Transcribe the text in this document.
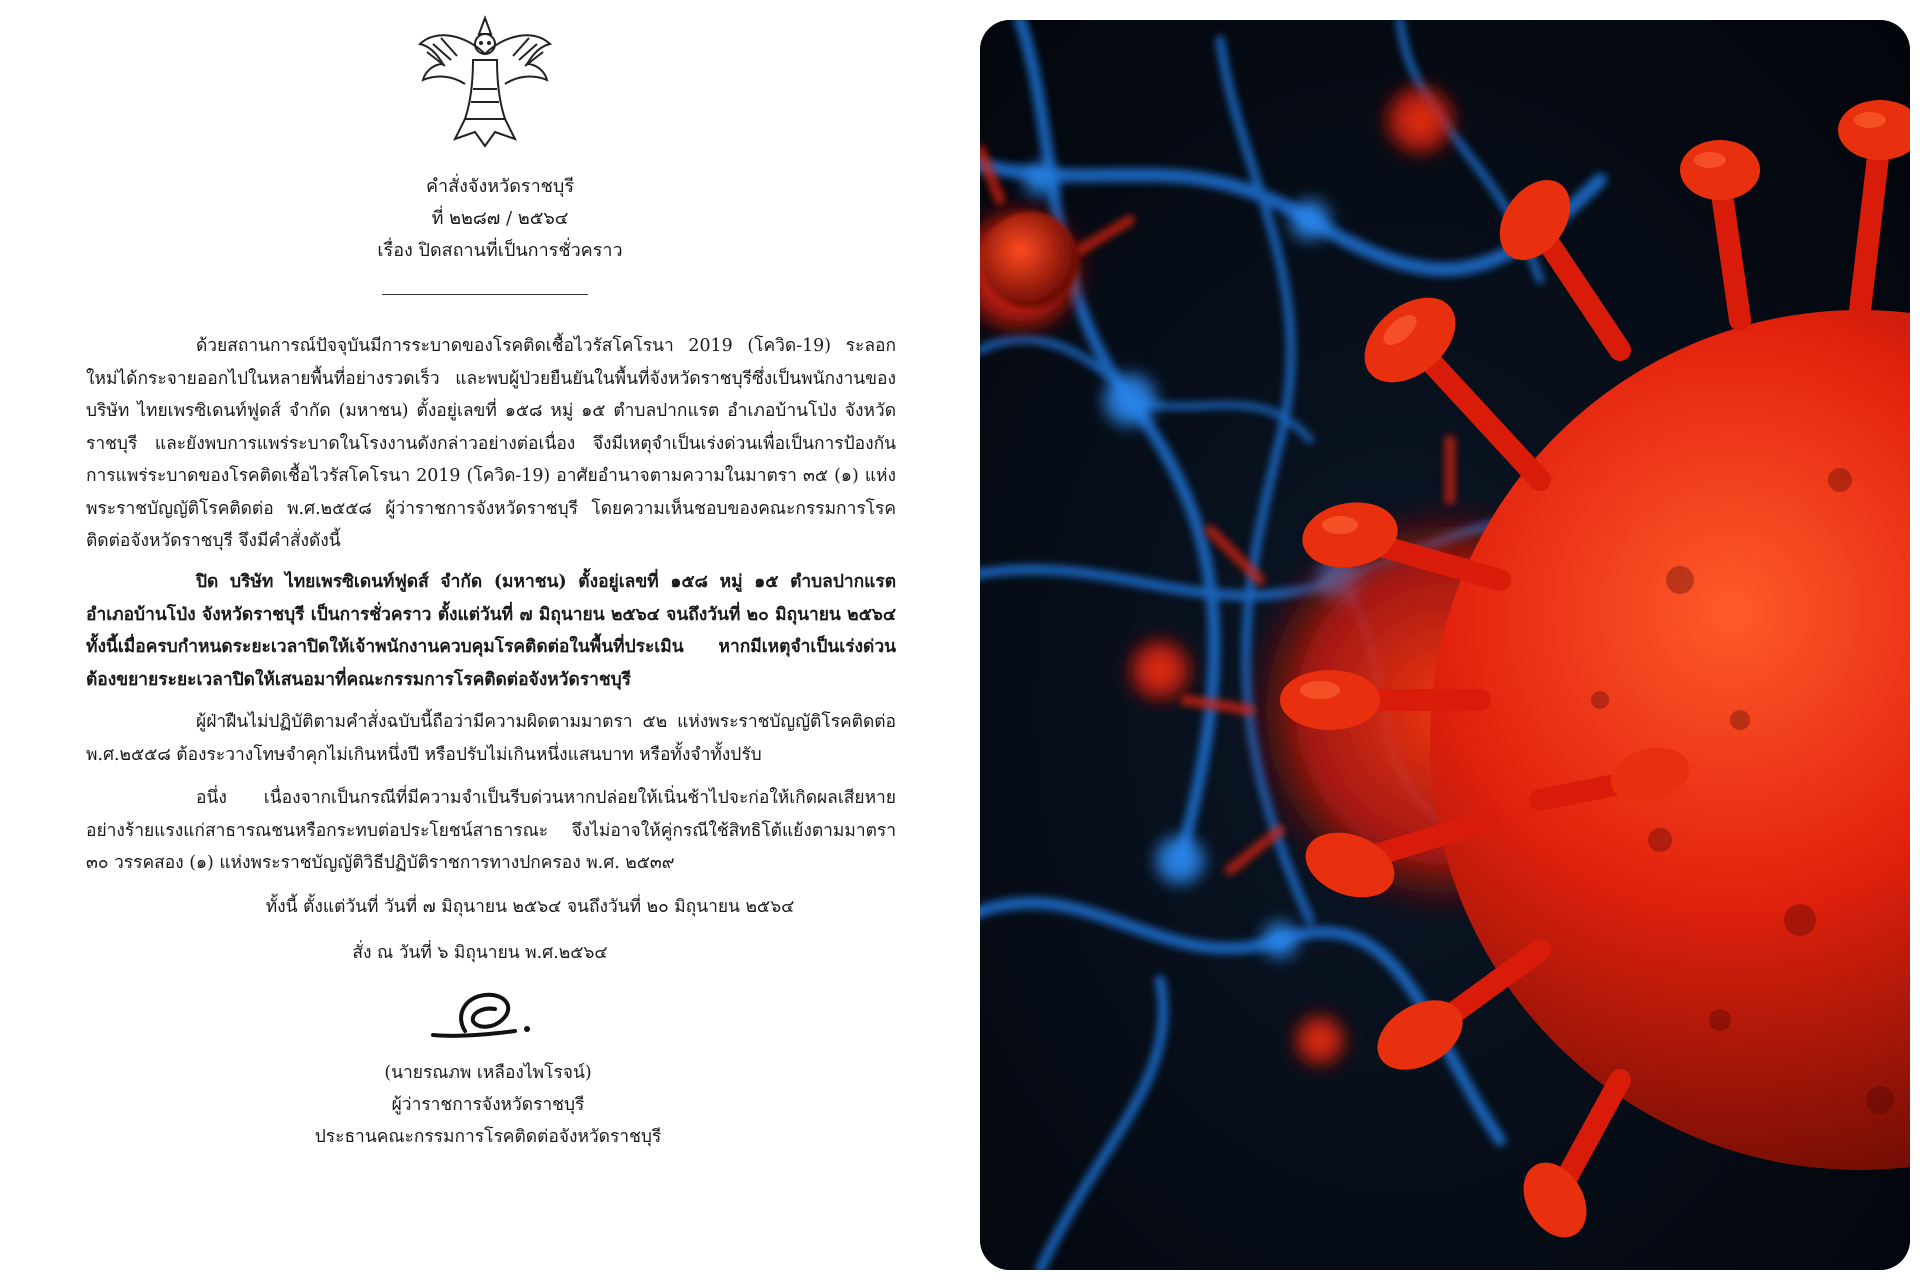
คำสั่งจังหวัดราชบุรี
ที่ ๒๒๘๗ / ๒๕๖๔
เรื่อง ปิดสถานที่เป็นการชั่วคราว

ด้วยสถานการณ์ปัจจุบันมีการระบาดของโรคติดเชื้อไวรัสโคโรนา 2019 (โควิด-19) ระลอกใหม่ได้กระจายออกไปในหลายพื้นที่อย่างรวดเร็ว และพบผู้ป่วยยืนยันในพื้นที่จังหวัดราชบุรีซึ่งเป็นพนักงานของบริษัท ไทยเพรซิเดนท์ฟูดส์ จำกัด (มหาชน) ตั้งอยู่เลขที่ ๑๕๘ หมู่ ๑๕ ตำบลปากแรต อำเภอบ้านโป่ง จังหวัดราชบุรี และยังพบการแพร่ระบาดในโรงงานดังกล่าวอย่างต่อเนื่อง จึงมีเหตุจำเป็นเร่งด่วนเพื่อเป็นการป้องกันการแพร่ระบาดของโรคติดเชื้อไวรัสโคโรนา 2019 (โควิด-19) อาศัยอำนาจตามความในมาตรา ๓๕ (๑) แห่งพระราชบัญญัติโรคติดต่อ พ.ศ.๒๕๕๘ ผู้ว่าราชการจังหวัดราชบุรี โดยความเห็นชอบของคณะกรรมการโรคติดต่อจังหวัดราชบุรี จึงมีคำสั่งดังนี้

ปิด บริษัท ไทยเพรซิเดนท์ฟูดส์ จำกัด (มหาชน) ตั้งอยู่เลขที่ ๑๕๘ หมู่ ๑๕ ตำบลปากแรต อำเภอบ้านโป่ง จังหวัดราชบุรี เป็นการชั่วคราว ตั้งแต่วันที่ ๗ มิถุนายน ๒๕๖๔ จนถึงวันที่ ๒๐ มิถุนายน ๒๕๖๔ ทั้งนี้เมื่อครบกำหนดระยะเวลาปิดให้เจ้าพนักงานควบคุมโรคติดต่อในพื้นที่ประเมิน หากมีเหตุจำเป็นเร่งด่วนต้องขยายระยะเวลาปิดให้เสนอมาที่คณะกรรมการโรคติดต่อจังหวัดราชบุรี

ผู้ฝ่าฝืนไม่ปฏิบัติตามคำสั่งฉบับนี้ถือว่ามีความผิดตามมาตรา ๕๒ แห่งพระราชบัญญัติโรคติดต่อ พ.ศ.๒๕๕๘ ต้องระวางโทษจำคุกไม่เกินหนึ่งปี หรือปรับไม่เกินหนึ่งแสนบาท หรือทั้งจำทั้งปรับ

อนึ่ง เนื่องจากเป็นกรณีที่มีความจำเป็นรีบด่วนหากปล่อยให้เนิ่นช้าไปจะก่อให้เกิดผลเสียหายอย่างร้ายแรงแก่สาธารณชนหรือกระทบต่อประโยชน์สาธารณะ จึงไม่อาจให้คู่กรณีใช้สิทธิโต้แย้งตามมาตรา ๓๐ วรรคสอง (๑) แห่งพระราชบัญญัติวิธีปฏิบัติราชการทางปกครอง พ.ศ. ๒๕๓๙

ทั้งนี้ ตั้งแต่วันที่ วันที่ ๗ มิถุนายน ๒๕๖๔ จนถึงวันที่ ๒๐ มิถุนายน ๒๕๖๔
สั่ง ณ วันที่ ๖ มิถุนายน พ.ศ.๒๕๖๔
(นายรณภพ เหลืองไพโรจน์)
ผู้ว่าราชการจังหวัดราชบุรี
ประธานคณะกรรมการโรคติดต่อจังหวัดราชบุรี
